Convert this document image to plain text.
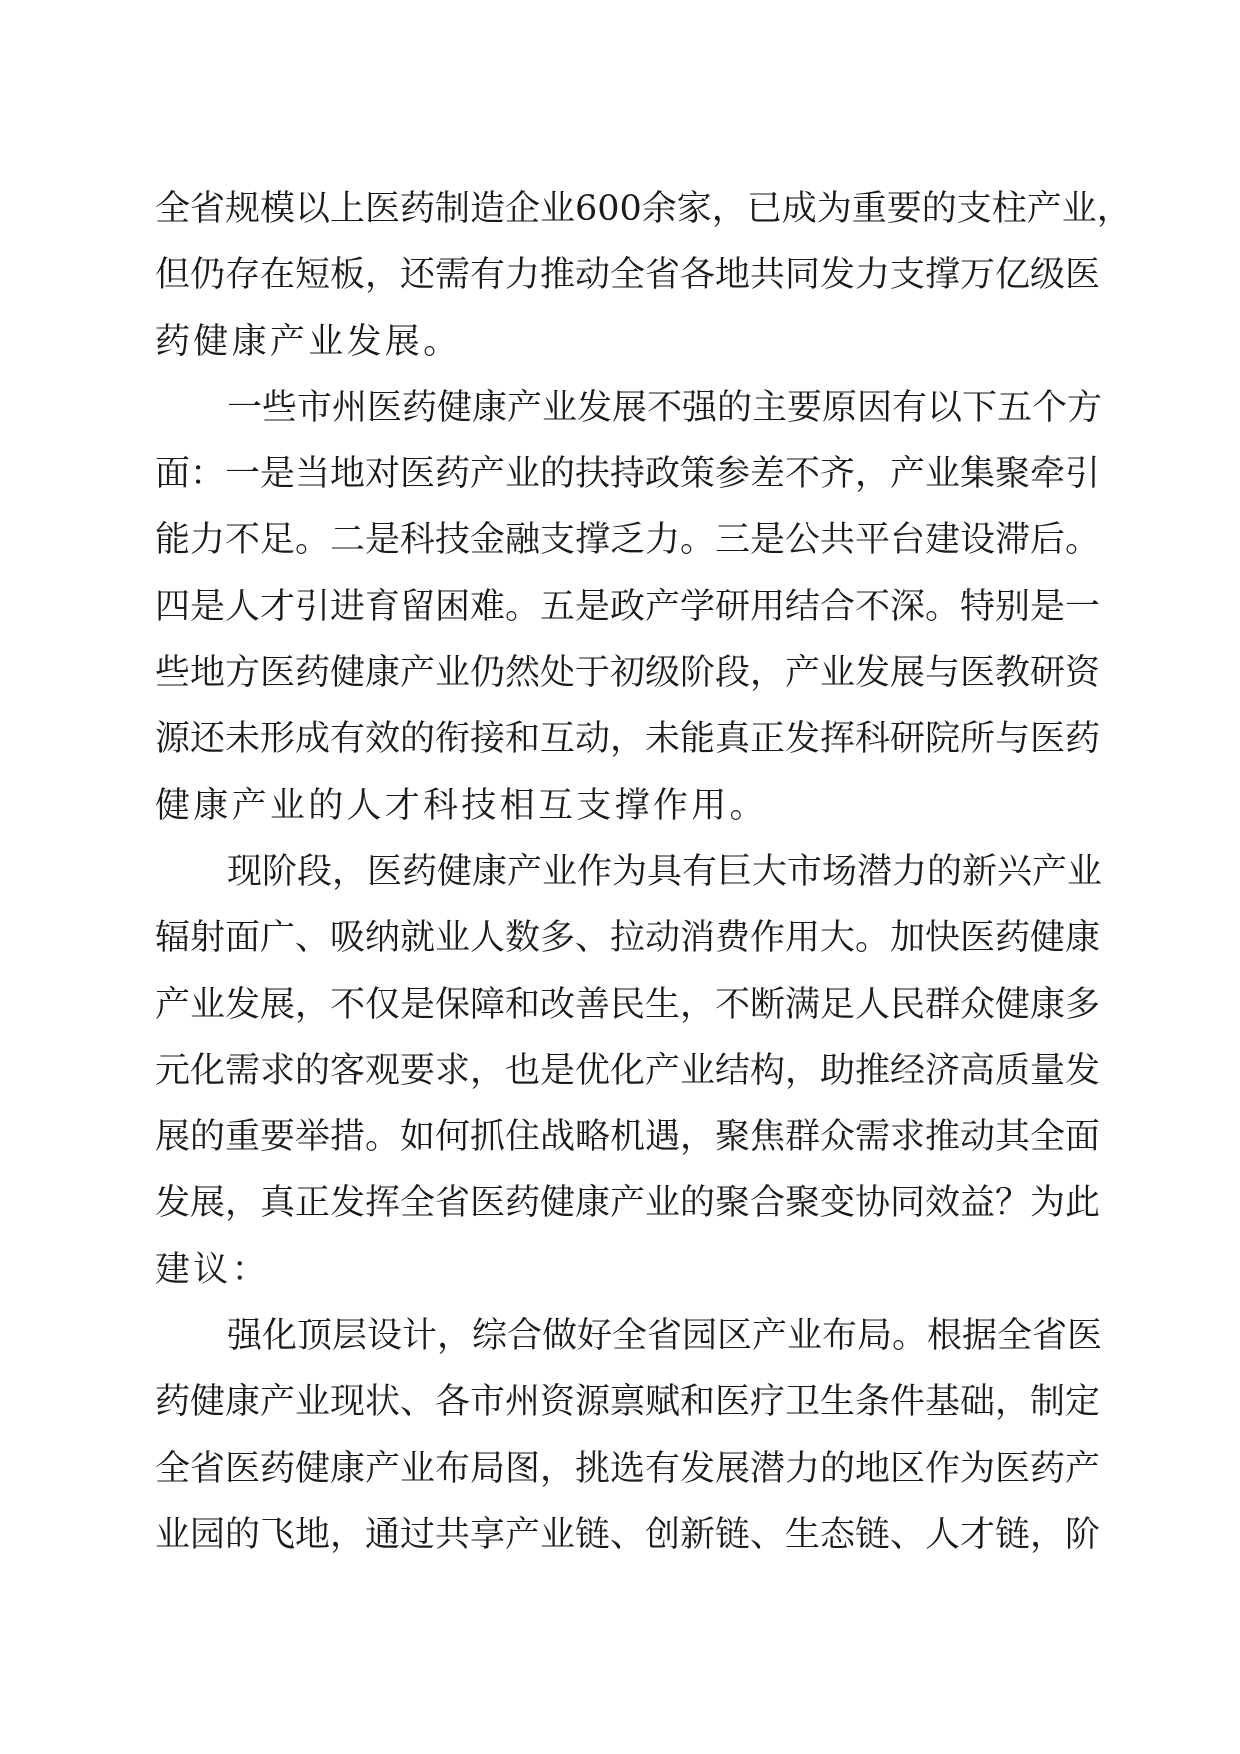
全省规模以上医药制造企业600余家，已成为重要的支柱产业，
但仍存在短板，还需有力推动全省各地共同发力支撑万亿级医
药健康产业发展。
一些市州医药健康产业发展不强的主要原因有以下五个方
面：一是当地对医药产业的扶持政策参差不齐，产业集聚牵引
能力不足。二是科技金融支撑乏力。三是公共平台建设滞后。
四是人才引进育留困难。五是政产学研用结合不深。特别是一
些地方医药健康产业仍然处于初级阶段，产业发展与医教研资
源还未形成有效的衔接和互动，未能真正发挥科研院所与医药
健康产业的人才科技相互支撑作用。
现阶段，医药健康产业作为具有巨大市场潜力的新兴产业
辐射面广、吸纳就业人数多、拉动消费作用大。加快医药健康
产业发展，不仅是保障和改善民生，不断满足人民群众健康多
元化需求的客观要求，也是优化产业结构，助推经济高质量发
展的重要举措。如何抓住战略机遇，聚焦群众需求推动其全面
发展，真正发挥全省医药健康产业的聚合聚变协同效益？为此
建议：
强化顶层设计，综合做好全省园区产业布局。根据全省医
药健康产业现状、各市州资源禀赋和医疗卫生条件基础，制定
全省医药健康产业布局图，挑选有发展潜力的地区作为医药产
业园的飞地，通过共享产业链、创新链、生态链、人才链，阶
